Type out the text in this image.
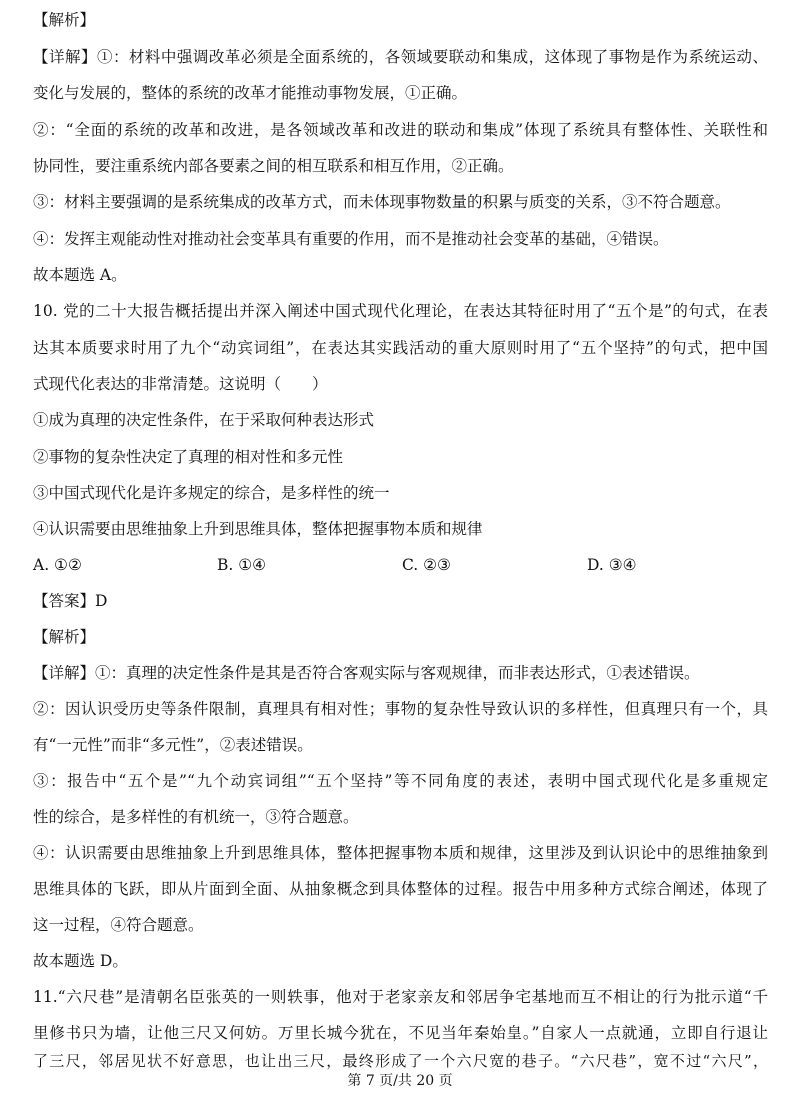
【解析】
【详解】①：材料中强调改革必须是全面系统的，各领域要联动和集成，这体现了事物是作为系统运动、
变化与发展的，整体的系统的改革才能推动事物发展，①正确。
②：“全面的系统的改革和改进，是各领域改革和改进的联动和集成”体现了系统具有整体性、关联性和
协同性，要注重系统内部各要素之间的相互联系和相互作用，②正确。
③：材料主要强调的是系统集成的改革方式，而未体现事物数量的积累与质变的关系，③不符合题意。
④：发挥主观能动性对推动社会变革具有重要的作用，而不是推动社会变革的基础，④错误。
故本题选 A。
10. 党的二十大报告概括提出并深入阐述中国式现代化理论，在表达其特征时用了“五个是”的句式，在表
达其本质要求时用了九个“动宾词组”，在表达其实践活动的重大原则时用了“五个坚持”的句式，把中国
式现代化表达的非常清楚。这说明（　　）
①成为真理的决定性条件，在于采取何种表达形式
②事物的复杂性决定了真理的相对性和多元性
③中国式现代化是许多规定的综合，是多样性的统一
④认识需要由思维抽象上升到思维具体，整体把握事物本质和规律
A. ①②	B. ①④	C. ②③	D. ③④
【答案】D
【解析】
【详解】①：真理的决定性条件是其是否符合客观实际与客观规律，而非表达形式，①表述错误。
②：因认识受历史等条件限制，真理具有相对性；事物的复杂性导致认识的多样性，但真理只有一个，具
有“一元性”而非“多元性”，②表述错误。
③：报告中“五个是”“九个动宾词组”“五个坚持”等不同角度的表述，表明中国式现代化是多重规定
性的综合，是多样性的有机统一，③符合题意。
④：认识需要由思维抽象上升到思维具体，整体把握事物本质和规律，这里涉及到认识论中的思维抽象到
思维具体的飞跃，即从片面到全面、从抽象概念到具体整体的过程。报告中用多种方式综合阐述，体现了
这一过程，④符合题意。
故本题选 D。
11.“六尺巷”是清朝名臣张英的一则轶事，他对于老家亲友和邻居争宅基地而互不相让的行为批示道“千
里修书只为墙，让他三尺又何妨。万里长城今犹在，不见当年秦始皇。”自家人一点就通，立即自行退让
了三尺，邻居见状不好意思，也让出三尺，最终形成了一个六尺宽的巷子。“六尺巷”，宽不过“六尺”，
第 7 页/共 20 页
